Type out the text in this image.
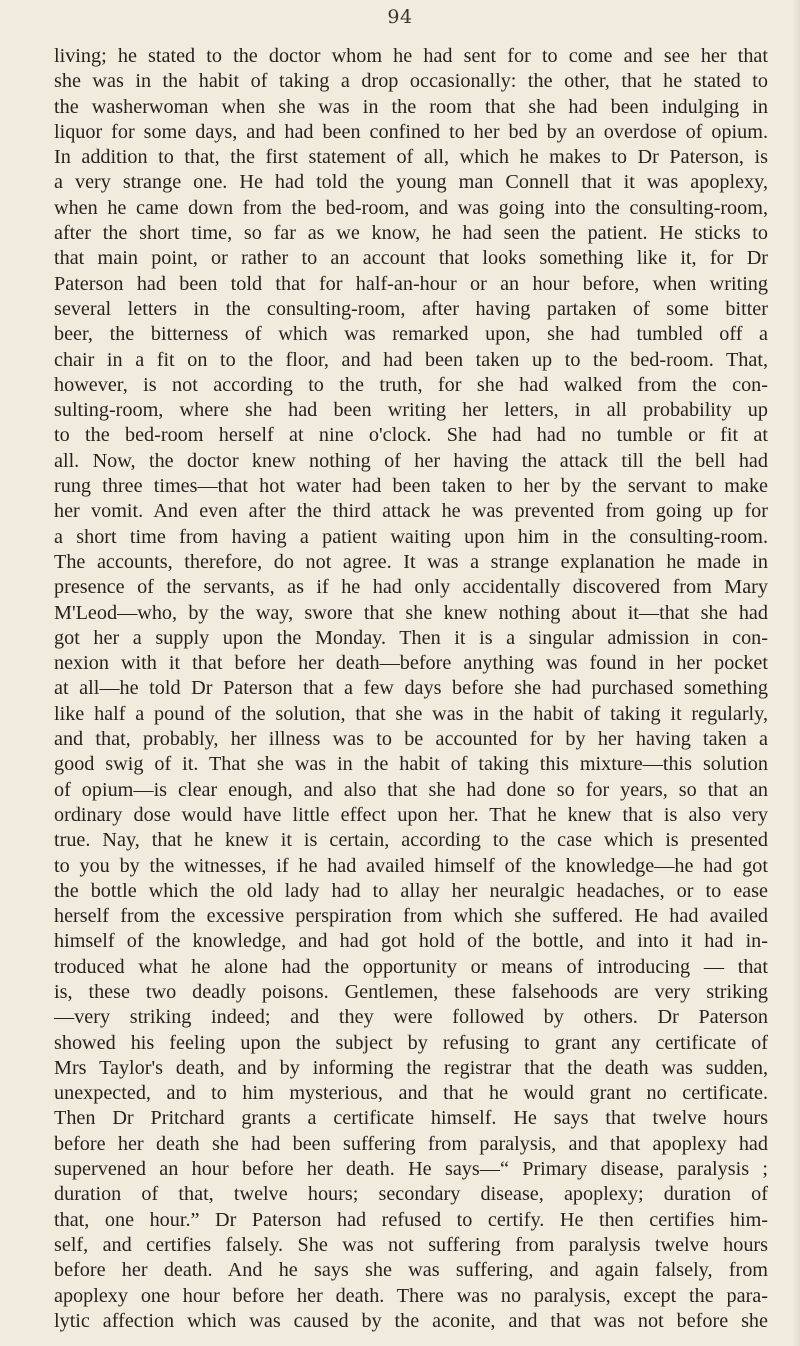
94
living; he stated to the doctor whom he had sent for to come and see her that
she was in the habit of taking a drop occasionally: the other, that he stated to
the washerwoman when she was in the room that she had been indulging in
liquor for some days, and had been confined to her bed by an overdose of opium.
In addition to that, the first statement of all, which he makes to Dr Paterson, is
a very strange one. He had told the young man Connell that it was apoplexy,
when he came down from the bed-room, and was going into the consulting-room,
after the short time, so far as we know, he had seen the patient. He sticks to
that main point, or rather to an account that looks something like it, for Dr
Paterson had been told that for half-an-hour or an hour before, when writing
several letters in the consulting-room, after having partaken of some bitter
beer, the bitterness of which was remarked upon, she had tumbled off a
chair in a fit on to the floor, and had been taken up to the bed-room. That,
however, is not according to the truth, for she had walked from the con-
sulting-room, where she had been writing her letters, in all probability up
to the bed-room herself at nine o'clock. She had had no tumble or fit at
all. Now, the doctor knew nothing of her having the attack till the bell had
rung three times—that hot water had been taken to her by the servant to make
her vomit. And even after the third attack he was prevented from going up for
a short time from having a patient waiting upon him in the consulting-room.
The accounts, therefore, do not agree. It was a strange explanation he made in
presence of the servants, as if he had only accidentally discovered from Mary
M'Leod—who, by the way, swore that she knew nothing about it—that she had
got her a supply upon the Monday. Then it is a singular admission in con-
nexion with it that before her death—before anything was found in her pocket
at all—he told Dr Paterson that a few days before she had purchased something
like half a pound of the solution, that she was in the habit of taking it regularly,
and that, probably, her illness was to be accounted for by her having taken a
good swig of it. That she was in the habit of taking this mixture—this solution
of opium—is clear enough, and also that she had done so for years, so that an
ordinary dose would have little effect upon her. That he knew that is also very
true. Nay, that he knew it is certain, according to the case which is presented
to you by the witnesses, if he had availed himself of the knowledge—he had got
the bottle which the old lady had to allay her neuralgic headaches, or to ease
herself from the excessive perspiration from which she suffered. He had availed
himself of the knowledge, and had got hold of the bottle, and into it had in-
troduced what he alone had the opportunity or means of introducing — that
is, these two deadly poisons. Gentlemen, these falsehoods are very striking
—very striking indeed; and they were followed by others. Dr Paterson
showed his feeling upon the subject by refusing to grant any certificate of
Mrs Taylor's death, and by informing the registrar that the death was sudden,
unexpected, and to him mysterious, and that he would grant no certificate.
Then Dr Pritchard grants a certificate himself. He says that twelve hours
before her death she had been suffering from paralysis, and that apoplexy had
supervened an hour before her death. He says—“ Primary disease, paralysis ;
duration of that, twelve hours; secondary disease, apoplexy; duration of
that, one hour.” Dr Paterson had refused to certify. He then certifies him-
self, and certifies falsely. She was not suffering from paralysis twelve hours
before her death. And he says she was suffering, and again falsely, from
apoplexy one hour before her death. There was no paralysis, except the para-
lytic affection which was caused by the aconite, and that was not before she
